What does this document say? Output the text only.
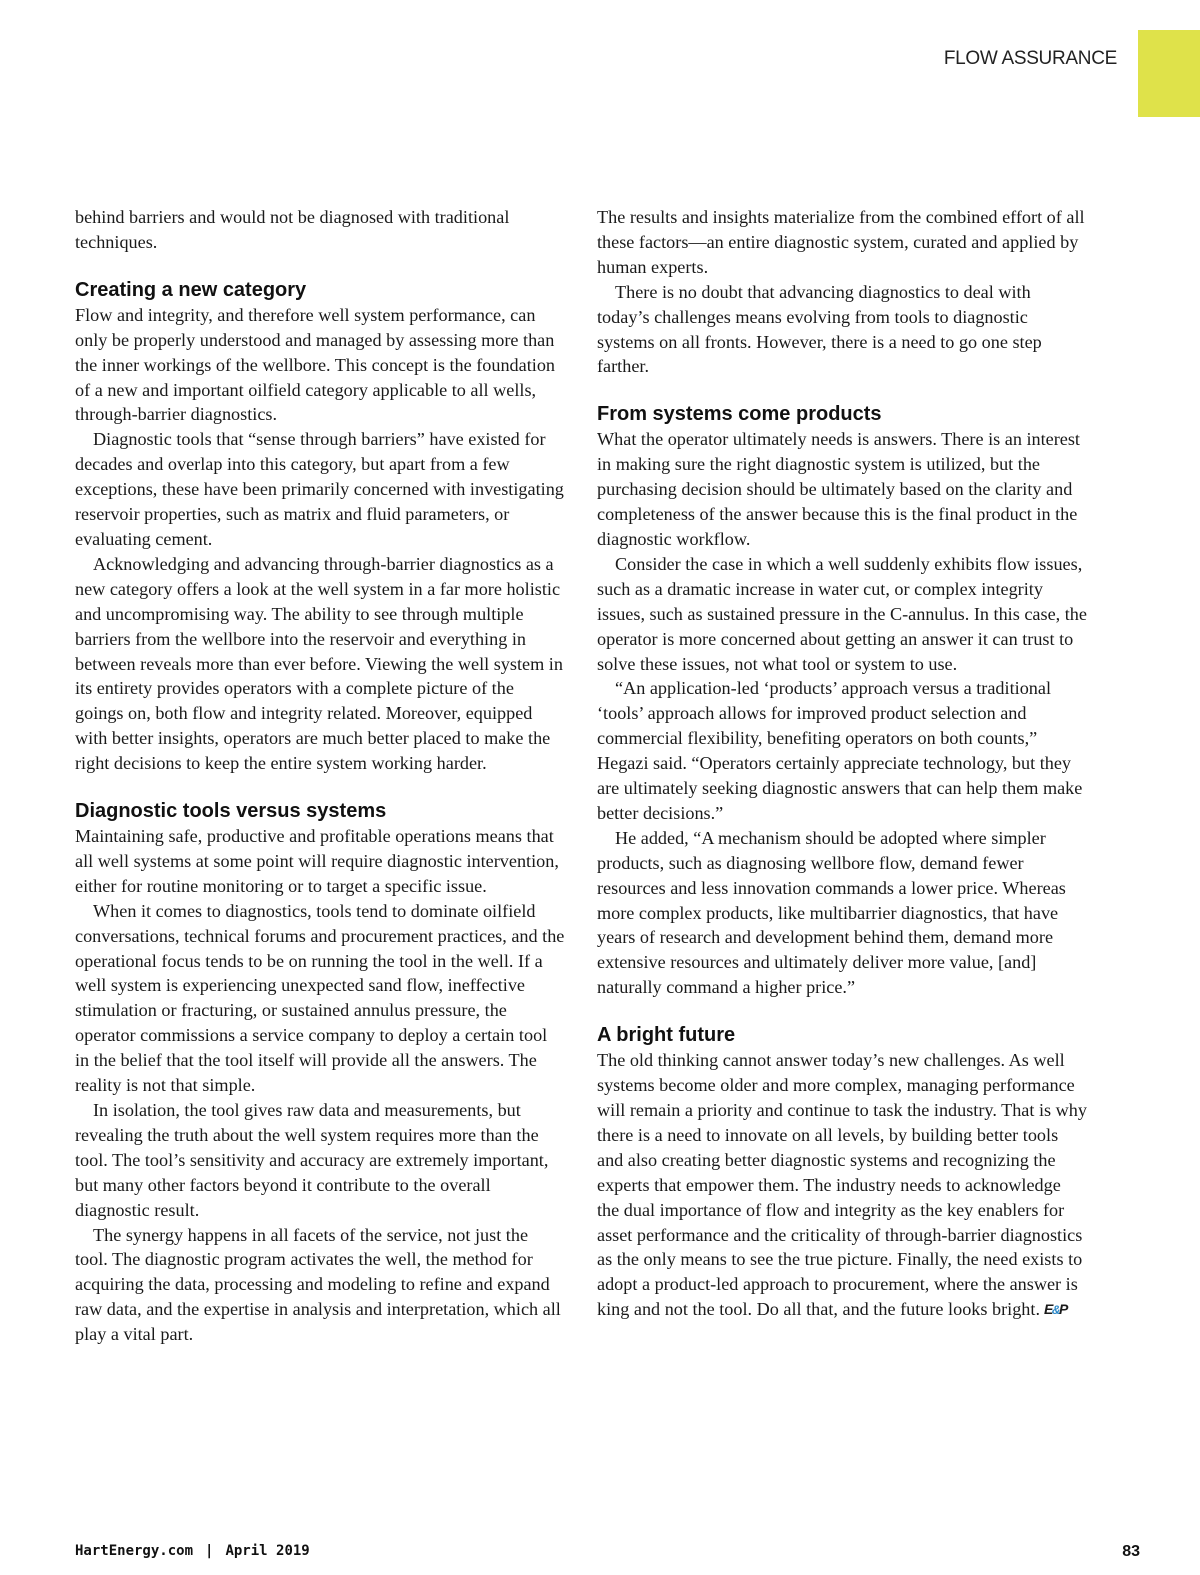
FLOW ASSURANCE

behind barriers and would not be diagnosed with traditional techniques.

Creating a new category

Flow and integrity, and therefore well system performance, can only be properly understood and managed by assessing more than the inner workings of the wellbore. This concept is the foundation of a new and important oilfield category applicable to all wells, through-barrier diagnostics.

Diagnostic tools that “sense through barriers” have existed for decades and overlap into this category, but apart from a few exceptions, these have been primarily concerned with investigating reservoir properties, such as matrix and fluid parameters, or evaluating cement.

Acknowledging and advancing through-barrier diagnostics as a new category offers a look at the well system in a far more holistic and uncompromising way. The ability to see through multiple barriers from the wellbore into the reservoir and everything in between reveals more than ever before. Viewing the well system in its entirety provides operators with a complete picture of the goings on, both flow and integrity related. Moreover, equipped with better insights, operators are much better placed to make the right decisions to keep the entire system working harder.

Diagnostic tools versus systems

Maintaining safe, productive and profitable operations means that all well systems at some point will require diagnostic intervention, either for routine monitoring or to target a specific issue.

When it comes to diagnostics, tools tend to dominate oilfield conversations, technical forums and procurement practices, and the operational focus tends to be on running the tool in the well. If a well system is experiencing unexpected sand flow, ineffective stimulation or fracturing, or sustained annulus pressure, the operator commissions a service company to deploy a certain tool in the belief that the tool itself will provide all the answers. The reality is not that simple.

In isolation, the tool gives raw data and measurements, but revealing the truth about the well system requires more than the tool. The tool’s sensitivity and accuracy are extremely important, but many other factors beyond it contribute to the overall diagnostic result.

The synergy happens in all facets of the service, not just the tool. The diagnostic program activates the well, the method for acquiring the data, processing and modeling to refine and expand raw data, and the expertise in analysis and interpretation, which all play a vital part.

The results and insights materialize from the combined effort of all these factors—an entire diagnostic system, curated and applied by human experts.

There is no doubt that advancing diagnostics to deal with today’s challenges means evolving from tools to diagnostic systems on all fronts. However, there is a need to go one step farther.

From systems come products

What the operator ultimately needs is answers. There is an interest in making sure the right diagnostic system is utilized, but the purchasing decision should be ultimately based on the clarity and completeness of the answer because this is the final product in the diagnostic workflow.

Consider the case in which a well suddenly exhibits flow issues, such as a dramatic increase in water cut, or complex integrity issues, such as sustained pressure in the C-annulus. In this case, the operator is more concerned about getting an answer it can trust to solve these issues, not what tool or system to use.

“An application-led ‘products’ approach versus a traditional ‘tools’ approach allows for improved product selection and commercial flexibility, benefiting operators on both counts,” Hegazi said. “Operators certainly appreciate technology, but they are ultimately seeking diagnostic answers that can help them make better decisions.”

He added, “A mechanism should be adopted where simpler products, such as diagnosing wellbore flow, demand fewer resources and less innovation commands a lower price. Whereas more complex products, like multibarrier diagnostics, that have years of research and development behind them, demand more extensive resources and ultimately deliver more value, [and] naturally command a higher price.”

A bright future

The old thinking cannot answer today’s new challenges. As well systems become older and more complex, managing performance will remain a priority and continue to task the industry. That is why there is a need to innovate on all levels, by building better tools and also creating better diagnostic systems and recognizing the experts that empower them. The industry needs to acknowledge the dual importance of flow and integrity as the key enablers for asset performance and the criticality of through-barrier diagnostics as the only means to see the true picture. Finally, the need exists to adopt a product-led approach to procurement, where the answer is king and not the tool. Do all that, and the future looks bright. E&P

HartEnergy.com | April 2019	83
